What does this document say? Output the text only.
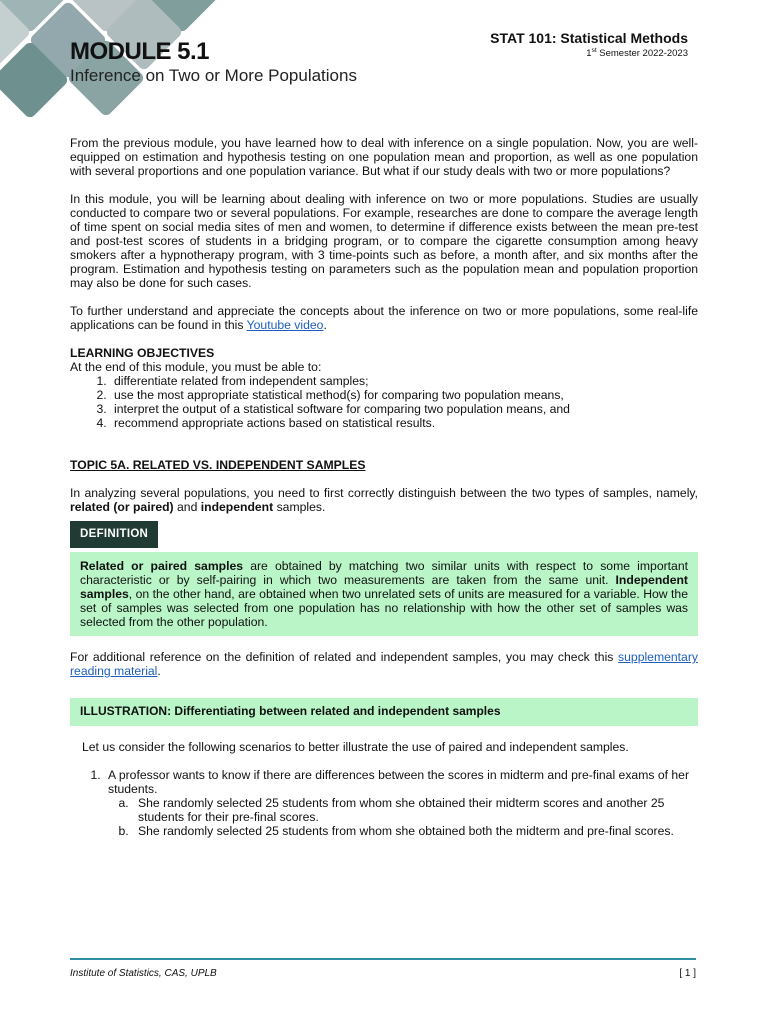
MODULE 5.1
Inference on Two or More Populations
STAT 101: Statistical Methods
1st Semester 2022-2023

From the previous module, you have learned how to deal with inference on a single population. Now, you are well-equipped on estimation and hypothesis testing on one population mean and proportion, as well as one population with several proportions and one population variance. But what if our study deals with two or more populations?

In this module, you will be learning about dealing with inference on two or more populations. Studies are usually conducted to compare two or several populations. For example, researches are done to compare the average length of time spent on social media sites of men and women, to determine if difference exists between the mean pre-test and post-test scores of students in a bridging program, or to compare the cigarette consumption among heavy smokers after a hypnotherapy program, with 3 time-points such as before, a month after, and six months after the program. Estimation and hypothesis testing on parameters such as the population mean and population proportion may also be done for such cases.

To further understand and appreciate the concepts about the inference on two or more populations, some real-life applications can be found in this Youtube video.

LEARNING OBJECTIVES
At the end of this module, you must be able to:
1. differentiate related from independent samples;
2. use the most appropriate statistical method(s) for comparing two population means,
3. interpret the output of a statistical software for comparing two population means, and
4. recommend appropriate actions based on statistical results.
TOPIC 5A. RELATED VS. INDEPENDENT SAMPLES

In analyzing several populations, you need to first correctly distinguish between the two types of samples, namely, related (or paired) and independent samples.

DEFINITION
Related or paired samples are obtained by matching two similar units with respect to some important characteristic or by self-pairing in which two measurements are taken from the same unit. Independent samples, on the other hand, are obtained when two unrelated sets of units are measured for a variable. How the set of samples was selected from one population has no relationship with how the other set of samples was selected from the other population.

For additional reference on the definition of related and independent samples, you may check this supplementary reading material.

ILLUSTRATION: Differentiating between related and independent samples

Let us consider the following scenarios to better illustrate the use of paired and independent samples.

1. A professor wants to know if there are differences between the scores in midterm and pre-final exams of her students.
a. She randomly selected 25 students from whom she obtained their midterm scores and another 25 students for their pre-final scores.
b. She randomly selected 25 students from whom she obtained both the midterm and pre-final scores.
Institute of Statistics, CAS, UPLB	[ 1 ]
